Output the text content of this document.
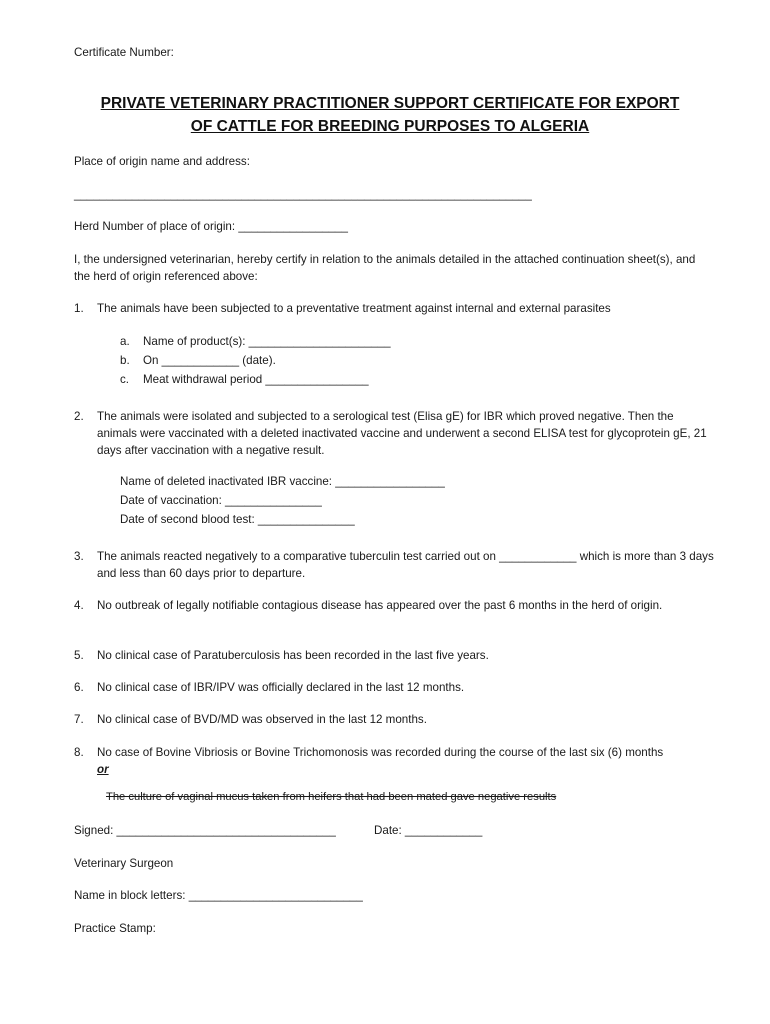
Certificate Number:
PRIVATE VETERINARY PRACTITIONER SUPPORT CERTIFICATE FOR EXPORT
OF CATTLE FOR BREEDING PURPOSES TO ALGERIA
Place of origin name and address:
_______________________________________________________________________
Herd Number of place of origin: _________________
I, the undersigned veterinarian, hereby certify in relation to the animals detailed in the attached continuation sheet(s), and the herd of origin referenced above:
1.	The animals have been subjected to a preventative treatment against internal and external parasites
a.	Name of product(s): ______________________
b.	On ____________ (date).
c.	Meat withdrawal period ________________
2.	The animals were isolated and subjected to a serological test (Elisa gE) for IBR which proved negative. Then the animals were vaccinated with a deleted inactivated vaccine and underwent a second ELISA test for glycoprotein gE, 21 days after vaccination with a negative result.
Name of deleted inactivated IBR vaccine: _________________
Date of vaccination: _______________
Date of second blood test: _______________
3.	The animals reacted negatively to a comparative tuberculin test carried out on ____________ which is more than 3 days and less than 60 days prior to departure.
4.	No outbreak of legally notifiable contagious disease has appeared over the past 6 months in the herd of origin.
5.	No clinical case of Paratuberculosis has been recorded in the last five years.
6.	No clinical case of IBR/IPV was officially declared in the last 12 months.
7.	No clinical case of BVD/MD was observed in the last 12 months.
8.	No case of Bovine Vibriosis or Bovine Trichomonosis was recorded during the course of the last six (6) months
or
The culture of vaginal mucus taken from heifers that had been mated gave negative results
Signed: __________________________________	Date: ____________
Veterinary Surgeon
Name in block letters: ___________________________
Practice Stamp:
